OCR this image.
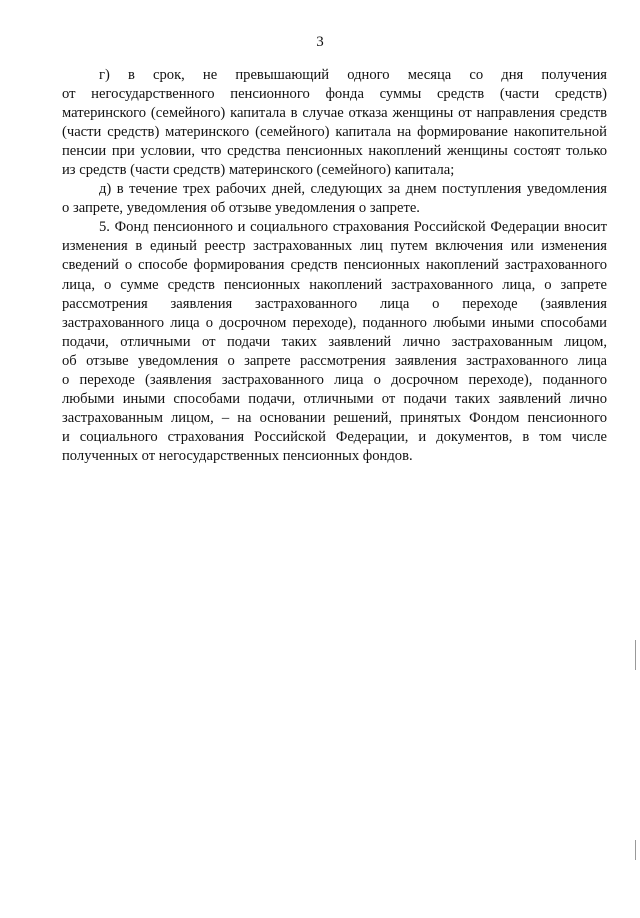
3

г) в срок, не превышающий одного месяца со дня получения
от негосударственного пенсионного фонда суммы средств (части средств)
материнского (семейного) капитала в случае отказа женщины от направления средств
(части средств) материнского (семейного) капитала на формирование накопительной
пенсии при условии, что средства пенсионных накоплений женщины состоят только
из средств (части средств) материнского (семейного) капитала;

д) в течение трех рабочих дней, следующих за днем поступления уведомления
о запрете, уведомления об отзыве уведомления о запрете.

5. Фонд пенсионного и социального страхования Российской Федерации вносит
изменения в единый реестр застрахованных лиц путем включения или изменения
сведений о способе формирования средств пенсионных накоплений застрахованного
лица, о сумме средств пенсионных накоплений застрахованного лица, о запрете
рассмотрения заявления застрахованного лица о переходе (заявления
застрахованного лица о досрочном переходе), поданного любыми иными способами
подачи, отличными от подачи таких заявлений лично застрахованным лицом,
об отзыве уведомления о запрете рассмотрения заявления застрахованного лица
о переходе (заявления застрахованного лица о досрочном переходе), поданного
любыми иными способами подачи, отличными от подачи таких заявлений лично
застрахованным лицом, – на основании решений, принятых Фондом пенсионного
и социального страхования Российской Федерации, и документов, в том числе
полученных от негосударственных пенсионных фондов.
